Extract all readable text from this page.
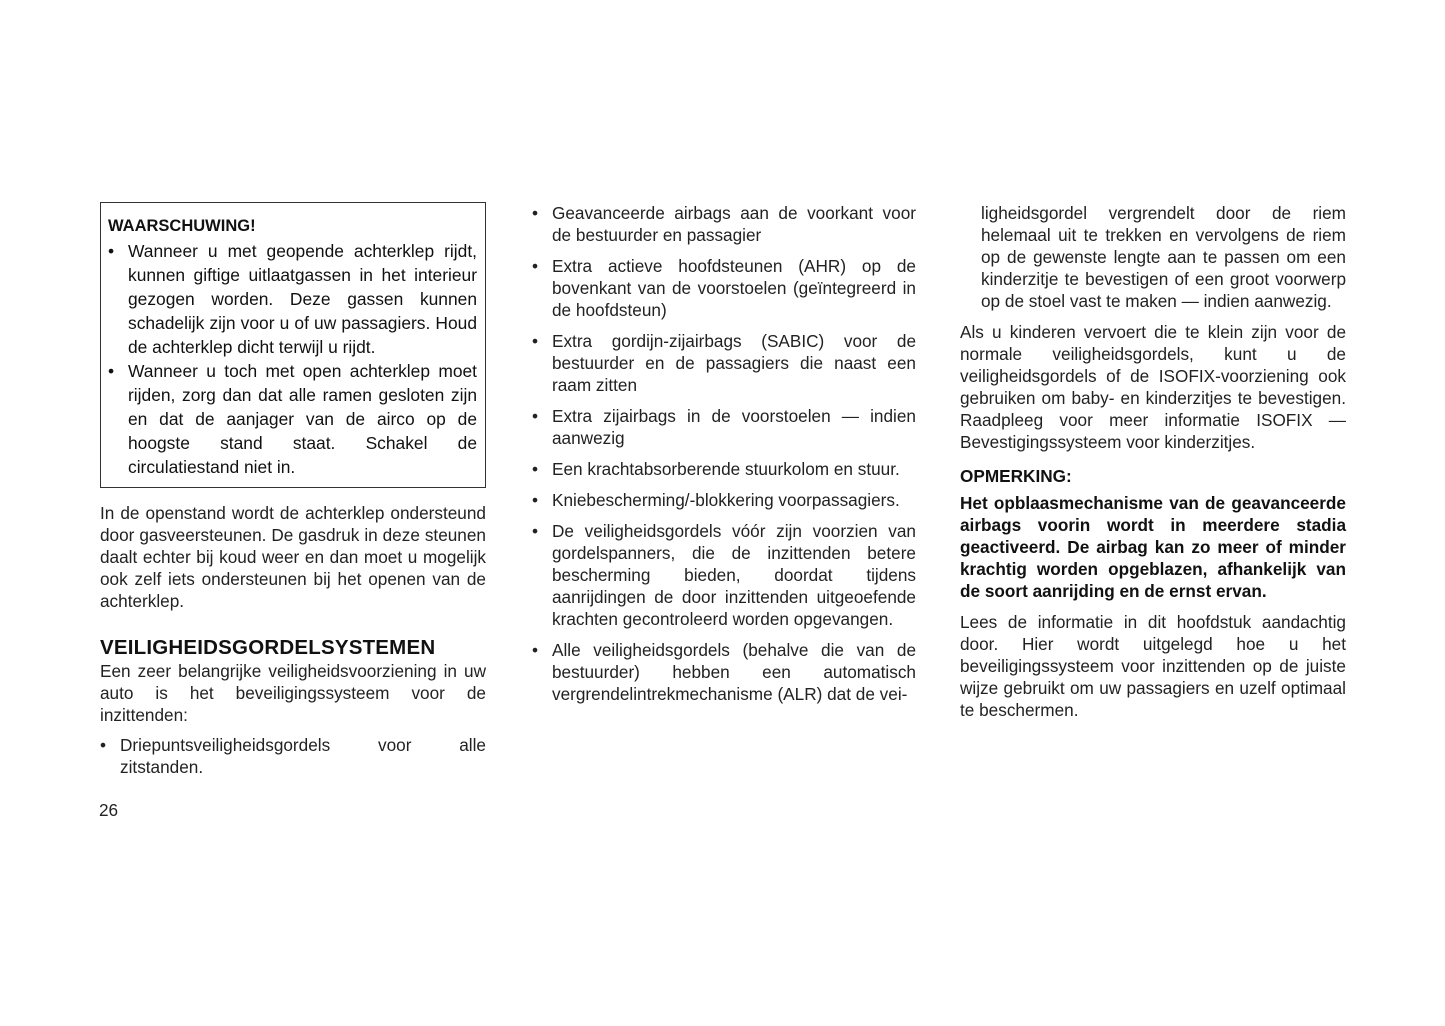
WAARSCHUWING!
• Wanneer u met geopende achterklep rijdt, kunnen giftige uitlaatgassen in het interieur gezogen worden. Deze gassen kunnen schadelijk zijn voor u of uw passagiers. Houd de achterklep dicht terwijl u rijdt.
• Wanneer u toch met open achterklep moet rijden, zorg dan dat alle ramen gesloten zijn en dat de aanjager van de airco op de hoogste stand staat. Schakel de circulatiestand niet in.

In de openstand wordt de achterklep ondersteund door gasveersteunen. De gasdruk in deze steunen daalt echter bij koud weer en dan moet u mogelijk ook zelf iets ondersteunen bij het openen van de achterklep.

VEILIGHEIDSGORDELSYSTEMEN

Een zeer belangrijke veiligheidsvoorziening in uw auto is het beveiligingssysteem voor de inzittenden:

• Driepuntsveiligheidsgordels voor alle zitstanden.
• Geavanceerde airbags aan de voorkant voor de bestuurder en passagier
• Extra actieve hoofdsteunen (AHR) op de bovenkant van de voorstoelen (geïntegreerd in de hoofdsteun)
• Extra gordijn-zijairbags (SABIC) voor de bestuurder en de passagiers die naast een raam zitten
• Extra zijairbags in de voorstoelen — indien aanwezig
• Een krachtabsorberende stuurkolom en stuur.
• Kniebescherming/-blokkering voorpassagiers.
• De veiligheidsgordels vóór zijn voorzien van gordelspanners, die de inzittenden betere bescherming bieden, doordat tijdens aanrijdingen de door inzittenden uitgeoefende krachten gecontroleerd worden opgevangen.
• Alle veiligheidsgordels (behalve die van de bestuurder) hebben een automatisch vergrendelintrekmechanisme (ALR) dat de vei-
ligheidsgordel vergrendelt door de riem helemaal uit te trekken en vervolgens de riem op de gewenste lengte aan te passen om een kinderzitje te bevestigen of een groot voorwerp op de stoel vast te maken — indien aanwezig.

Als u kinderen vervoert die te klein zijn voor de normale veiligheidsgordels, kunt u de veiligheidsgordels of de ISOFIX-voorziening ook gebruiken om baby- en kinderzitjes te bevestigen. Raadpleeg voor meer informatie ISOFIX — Bevestigingssysteem voor kinderzitjes.

OPMERKING:

Het opblaasmechanisme van de geavanceerde airbags voorin wordt in meerdere stadia geactiveerd. De airbag kan zo meer of minder krachtig worden opgeblazen, afhankelijk van de soort aanrijding en de ernst ervan.

Lees de informatie in dit hoofdstuk aandachtig door. Hier wordt uitgelegd hoe u het beveiligingssysteem voor inzittenden op de juiste wijze gebruikt om uw passagiers en uzelf optimaal te beschermen.

26
